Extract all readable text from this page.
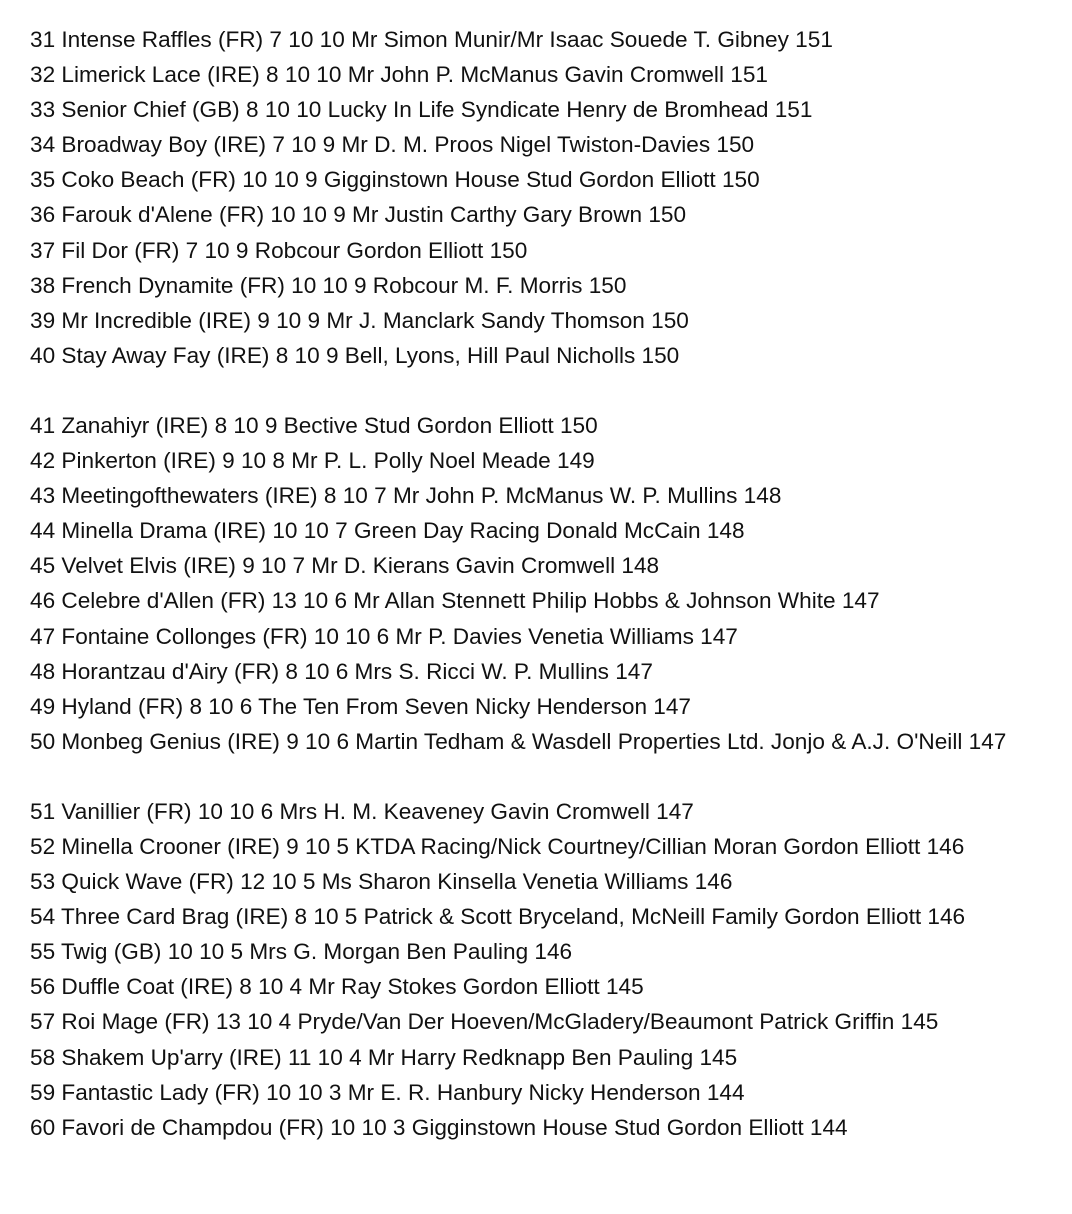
31 Intense Raffles (FR) 7 10 10 Mr Simon Munir/Mr Isaac Souede T. Gibney 151
32 Limerick Lace (IRE) 8 10 10 Mr John P. McManus Gavin Cromwell 151
33 Senior Chief (GB) 8 10 10 Lucky In Life Syndicate Henry de Bromhead 151
34 Broadway Boy (IRE) 7 10 9 Mr D. M. Proos Nigel Twiston-Davies 150
35 Coko Beach (FR) 10 10 9 Gigginstown House Stud Gordon Elliott 150
36 Farouk d'Alene (FR) 10 10 9 Mr Justin Carthy Gary Brown 150
37 Fil Dor (FR) 7 10 9 Robcour Gordon Elliott 150
38 French Dynamite (FR) 10 10 9 Robcour M. F. Morris 150
39 Mr Incredible (IRE) 9 10 9 Mr J. Manclark Sandy Thomson 150
40 Stay Away Fay (IRE) 8 10 9 Bell, Lyons, Hill Paul Nicholls 150
41 Zanahiyr (IRE) 8 10 9 Bective Stud Gordon Elliott 150
42 Pinkerton (IRE) 9 10 8 Mr P. L. Polly Noel Meade 149
43 Meetingofthewaters (IRE) 8 10 7 Mr John P. McManus W. P. Mullins 148
44 Minella Drama (IRE) 10 10 7 Green Day Racing Donald McCain 148
45 Velvet Elvis (IRE) 9 10 7 Mr D. Kierans Gavin Cromwell 148
46 Celebre d'Allen (FR) 13 10 6 Mr Allan Stennett Philip Hobbs & Johnson White 147
47 Fontaine Collonges (FR) 10 10 6 Mr P. Davies Venetia Williams 147
48 Horantzau d'Airy (FR) 8 10 6 Mrs S. Ricci W. P. Mullins 147
49 Hyland (FR) 8 10 6 The Ten From Seven Nicky Henderson 147
50 Monbeg Genius (IRE) 9 10 6 Martin Tedham & Wasdell Properties Ltd. Jonjo & A.J. O'Neill 147
51 Vanillier (FR) 10 10 6 Mrs H. M. Keaveney Gavin Cromwell 147
52 Minella Crooner (IRE) 9 10 5 KTDA Racing/Nick Courtney/Cillian Moran Gordon Elliott 146
53 Quick Wave (FR) 12 10 5 Ms Sharon Kinsella Venetia Williams 146
54 Three Card Brag (IRE) 8 10 5 Patrick & Scott Bryceland, McNeill Family Gordon Elliott 146
55 Twig (GB) 10 10 5 Mrs G. Morgan Ben Pauling 146
56 Duffle Coat (IRE) 8 10 4 Mr Ray Stokes Gordon Elliott 145
57 Roi Mage (FR) 13 10 4 Pryde/Van Der Hoeven/McGladery/Beaumont Patrick Griffin 145
58 Shakem Up'arry (IRE) 11 10 4 Mr Harry Redknapp Ben Pauling 145
59 Fantastic Lady (FR) 10 10 3 Mr E. R. Hanbury Nicky Henderson 144
60 Favori de Champdou (FR) 10 10 3 Gigginstown House Stud Gordon Elliott 144
